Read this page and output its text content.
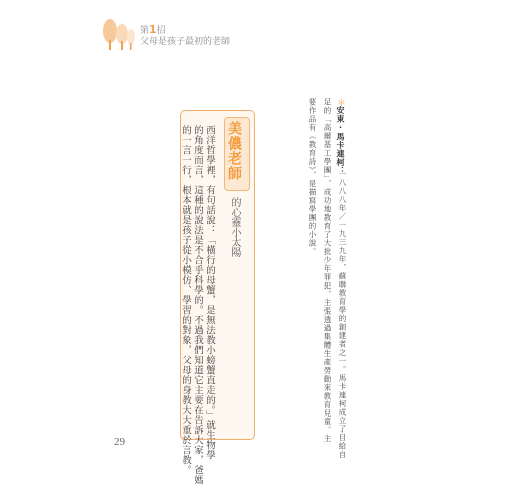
第1招
父母是孩子最初的老師
美儂老師
的心靈小太陽
西洋哲學裡，有句話說：「橫行的母蟹，是無法教小螃蟹直走的。」就生物學
的角度而言，這種的說法是不合乎科學的。不過我們知道它主要在告訴大家，爸媽
的一言一行，根本就是孩子從小模仿、學習的對象，父母的身教大大重於言教。
＊
安東·馬卡連柯：
一八八八年／一九三九年，蘇聯教育學的創建者之一。馬卡連柯成立了目給自
足的「高爾基工學團」，成功地教育了大批少年罪犯，主張透過集體生產勞動來教育兒童。主
要作品有《教育詩》，是描寫學團的小說。
29
